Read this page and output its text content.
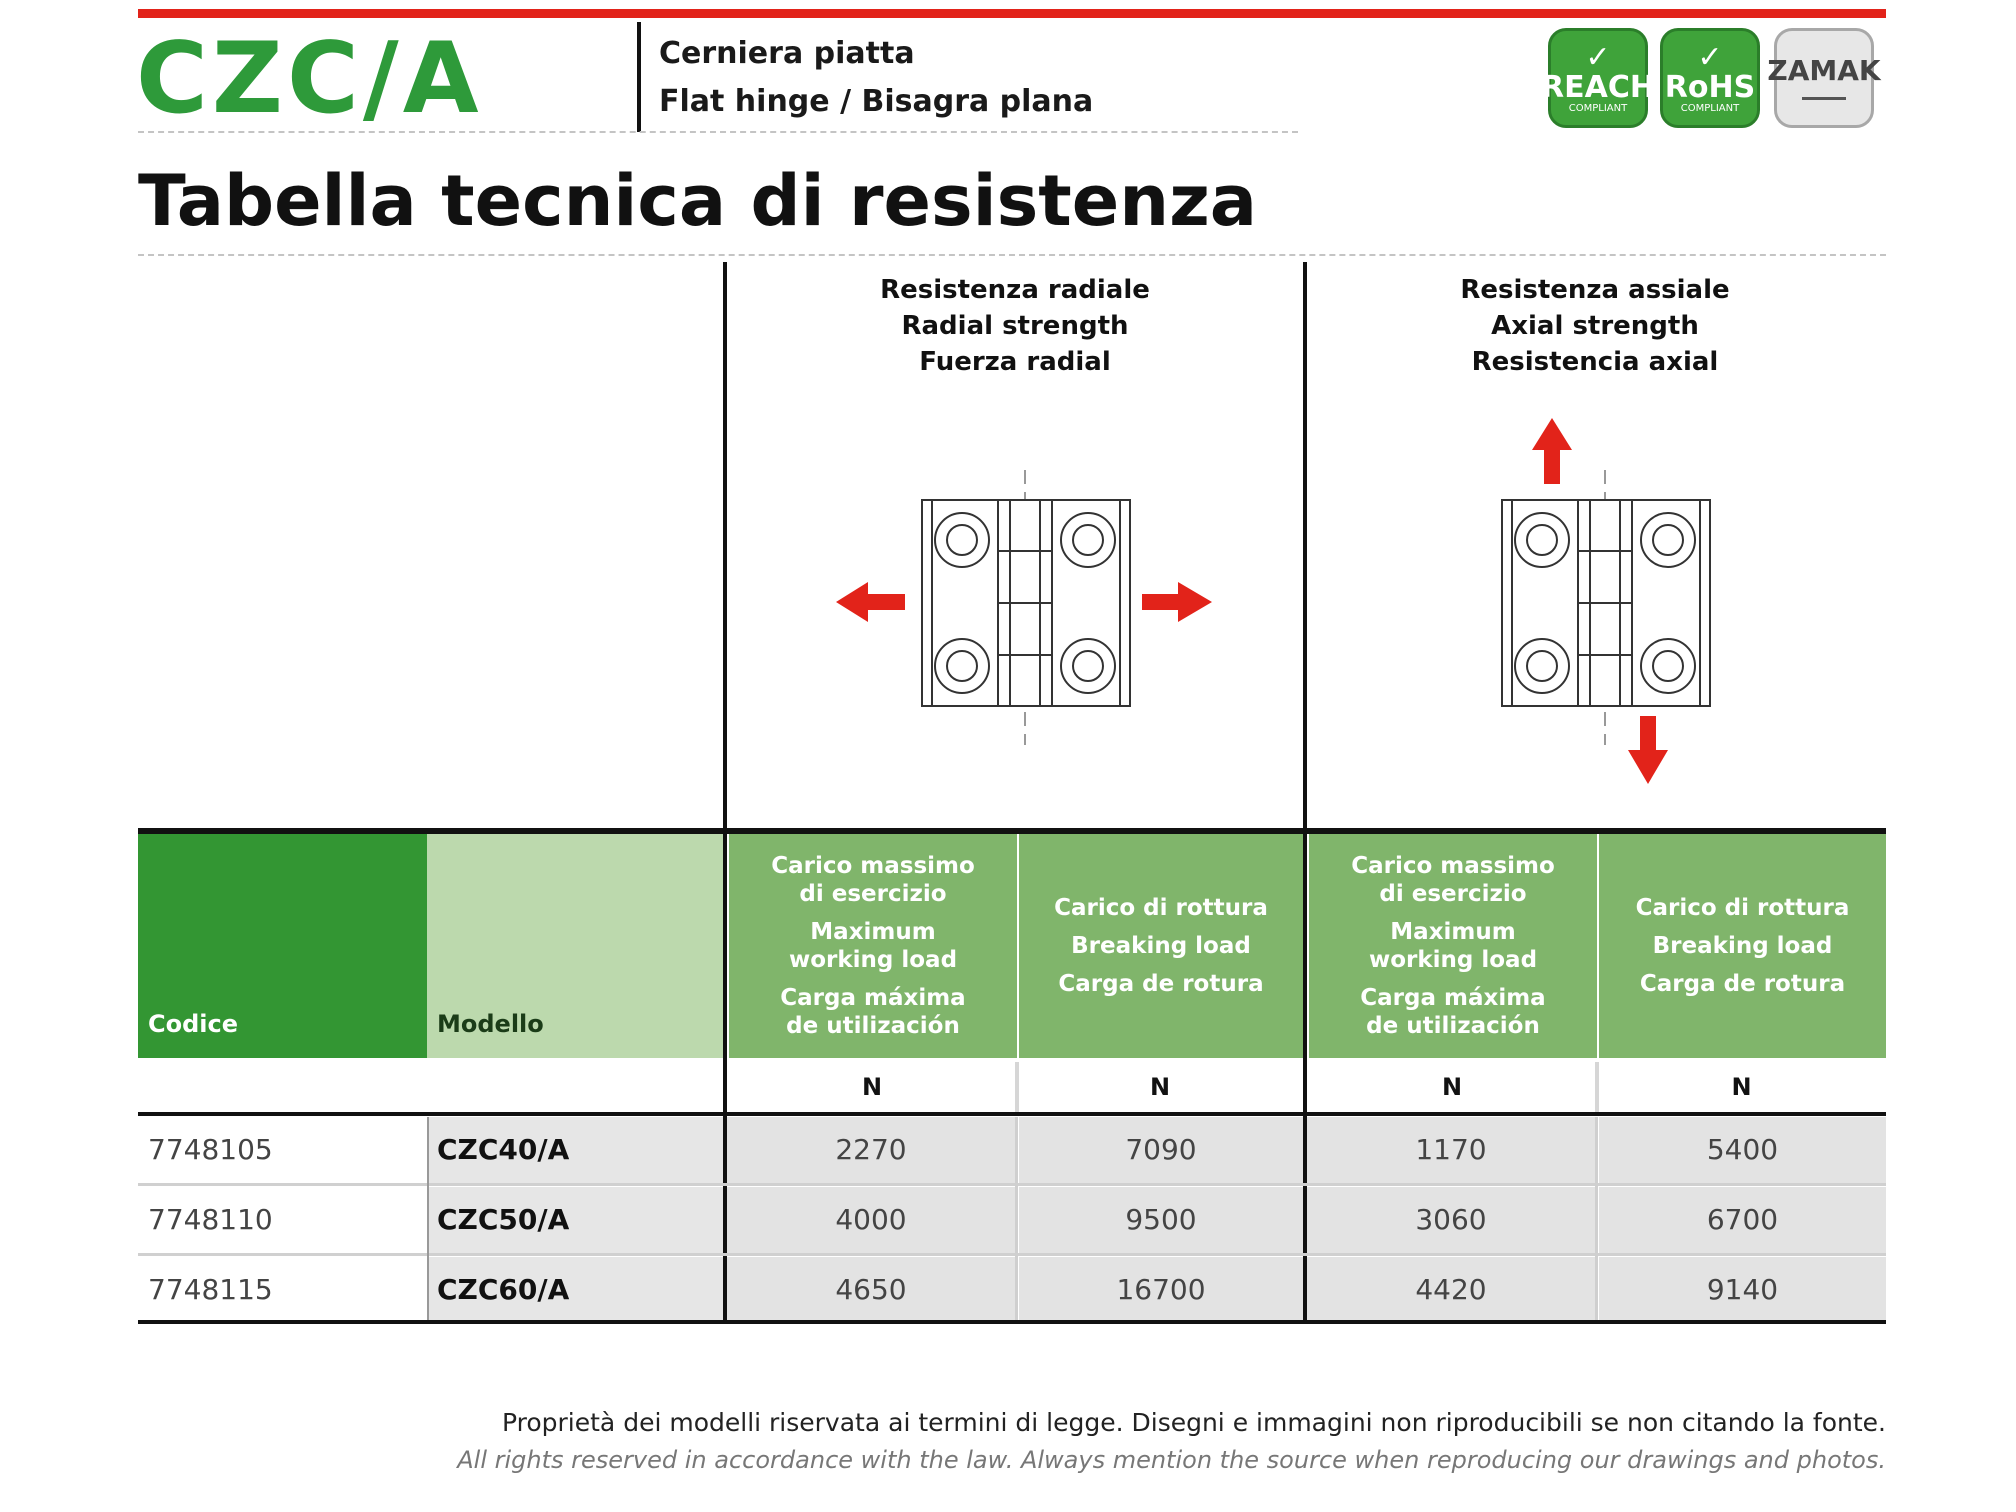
CZC/A	Cerniera piatta
Flat hinge / Bisagra plana
✓
REACH
COMPLIANT
✓
RoHS
COMPLIANT
ZAMAK
Tabella tecnica di resistenza
Resistenza radiale
Radial strength
Fuerza radial
Resistenza assiale
Axial strength
Resistencia axial
Codice	Modello
Carico massimo
di esercizio
Maximum
working load
Carga máxima
de utilización
Carico di rottura
Breaking load
Carga de rotura
Carico massimo
di esercizio
Maximum
working load
Carga máxima
de utilización
Carico di rottura
Breaking load
Carga de rotura
N	N	N	N
7748105	CZC40/A	2270	7090	1170	5400
7748110	CZC50/A	4000	9500	3060	6700
7748115	CZC60/A	4650	16700	4420	9140
Proprietà dei modelli riservata ai termini di legge. Disegni e immagini non riproducibili se non citando la fonte.
All rights reserved in accordance with the law. Always mention the source when reproducing our drawings and photos.
